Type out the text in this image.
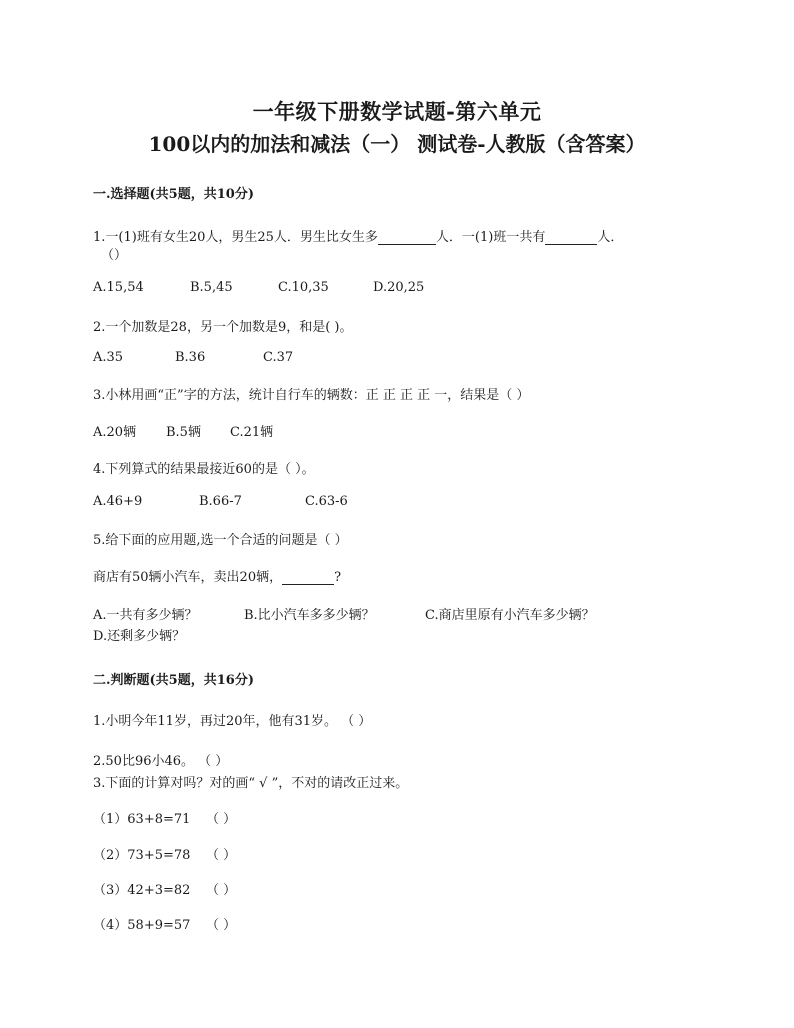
一年级下册数学试题-第六单元
100以内的加法和减法（一） 测试卷-人教版（含答案）
一.选择题(共5题，共10分)
1.一(1)班有女生20人，男生25人．男生比女生多	人．一(1)班一共有	人．
（）
A.15,54	B.5,45	C.10,35	D.20,25
2.一个加数是28，另一个加数是9，和是( )。
A.35	B.36	C.37
3.小林用画“正”字的方法，统计自行车的辆数：正 正 正 正 一，结果是（ ）
A.20辆 B.5辆 C.21辆
4.下列算式的结果最接近60的是（ ）。
A.46+9	B.66-7	C.63-6
5.给下面的应用题,选一个合适的问题是（ ）
商店有50辆小汽车，卖出20辆，	?
A.一共有多少辆？	B.比小汽车多多少辆？	C.商店里原有小汽车多少辆？
D.还剩多少辆？
二.判断题(共5题，共16分)
1.小明今年11岁，再过20年，他有31岁。 （ ）
2.50比96小46。 （ ）
3.下面的计算对吗？对的画“ √ ”，不对的请改正过来。
（1）63+8=71 （ ）
（2）73+5=78 （ ）
（3）42+3=82 （ ）
（4）58+9=57 （ ）
